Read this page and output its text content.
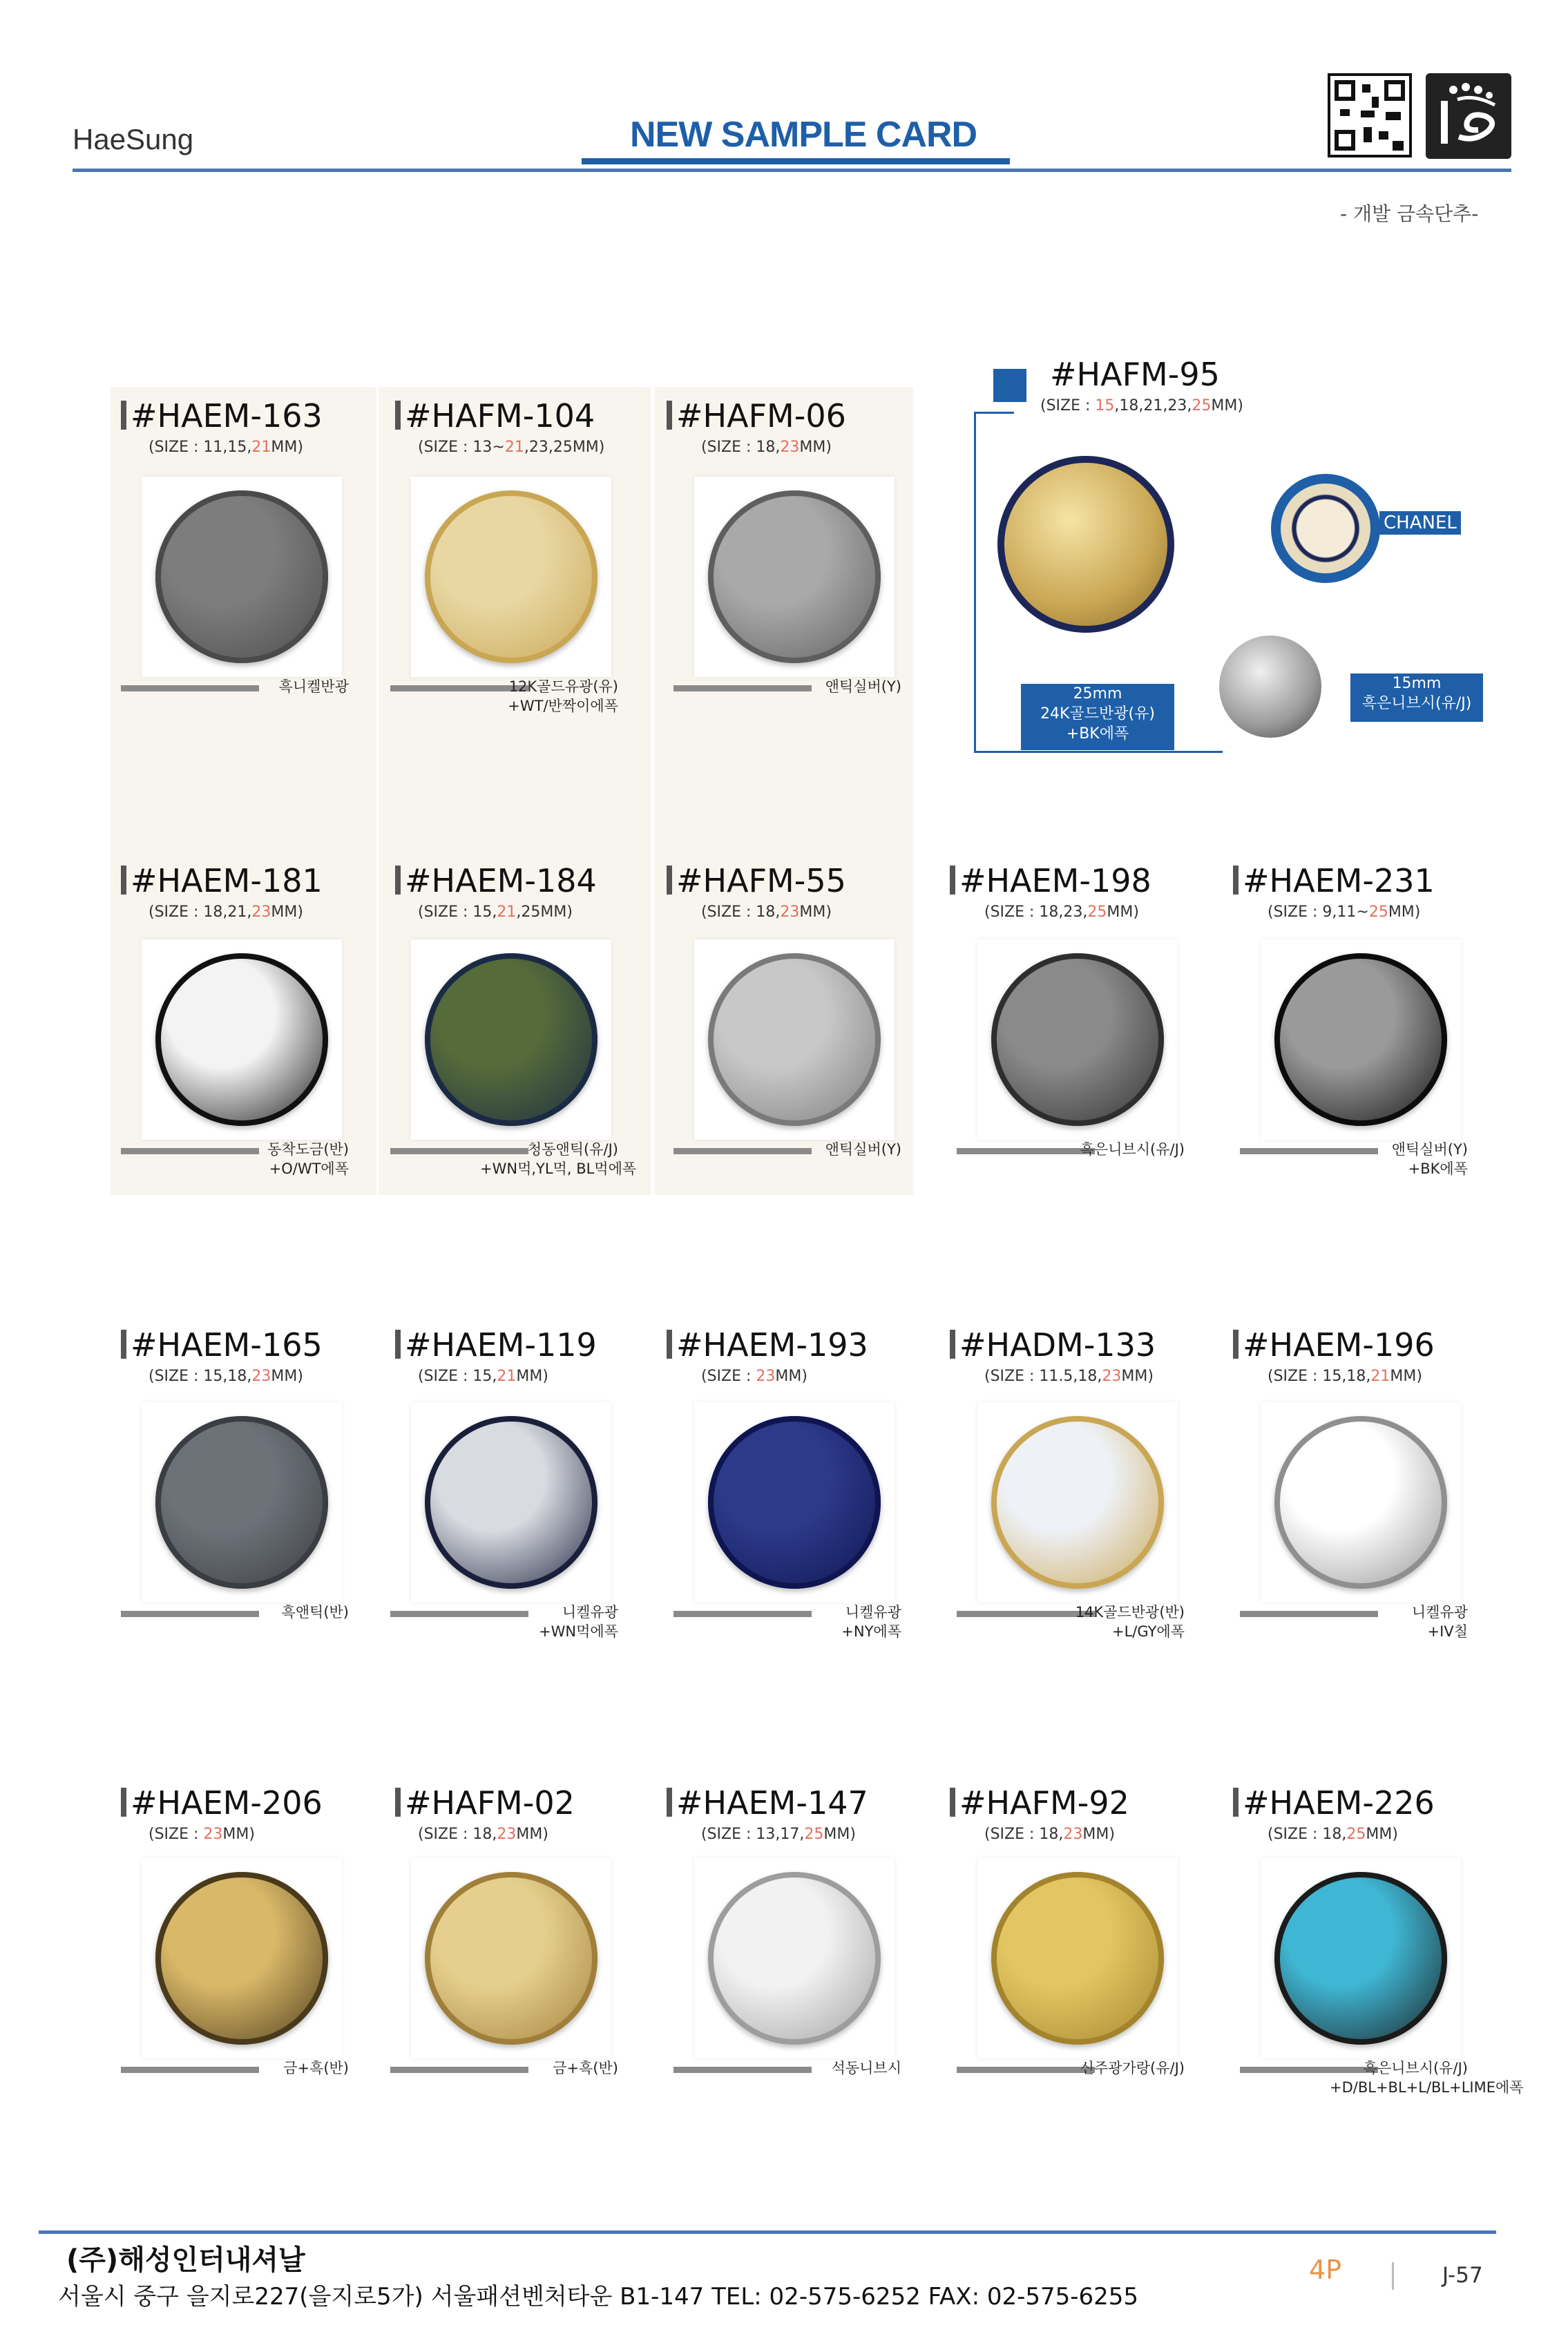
HaeSung	NEW SAMPLE CARD
- 개발 금속단추-
#HAFM-95
(SIZE : 15,18,21,23,25MM)
25mm
24K골드반광(유)
+BK에폭
CHANEL
15mm
흑은니브시(유/J)
#HAEM-163
(SIZE : 11,15,21MM)
흑니켈반광
#HAFM-104
(SIZE : 13~21,23,25MM)
12K골드유광(유)
+WT/반짝이에폭
#HAFM-06
(SIZE : 18,23MM)
앤틱실버(Y)
#HAEM-181
(SIZE : 18,21,23MM)
동착도금(반)
+O/WT에폭
#HAEM-184
(SIZE : 15,21,25MM)
청동앤틱(유/J)
+WN먹,YL먹, BL먹에폭
#HAFM-55
(SIZE : 18,23MM)
앤틱실버(Y)
#HAEM-198
(SIZE : 18,23,25MM)
흑은니브시(유/J)
#HAEM-231
(SIZE : 9,11~25MM)
앤틱실버(Y)
+BK에폭
#HAEM-165
(SIZE : 15,18,23MM)
흑앤틱(반)
#HAEM-119
(SIZE : 15,21MM)
니켈유광
+WN먹에폭
#HAEM-193
(SIZE : 23MM)
니켈유광
+NY에폭
#HADM-133
(SIZE : 11.5,18,23MM)
14K골드반광(반)
+L/GY에폭
#HAEM-196
(SIZE : 15,18,21MM)
니켈유광
+IV칠
#HAEM-206
(SIZE : 23MM)
금+흑(반)
#HAFM-02
(SIZE : 18,23MM)
금+흑(반)
#HAEM-147
(SIZE : 13,17,25MM)
석동니브시
#HAFM-92
(SIZE : 18,23MM)
신주광가랑(유/J)
#HAEM-226
(SIZE : 18,25MM)
흑은니브시(유/J)
+D/BL+BL+L/BL+LIME에폭
(주)해성인터내셔날
서울시 중구 을지로227(을지로5가) 서울패션벤처타운 B1-147 TEL: 02-575-6252 FAX: 02-575-6255
4P	J-57
